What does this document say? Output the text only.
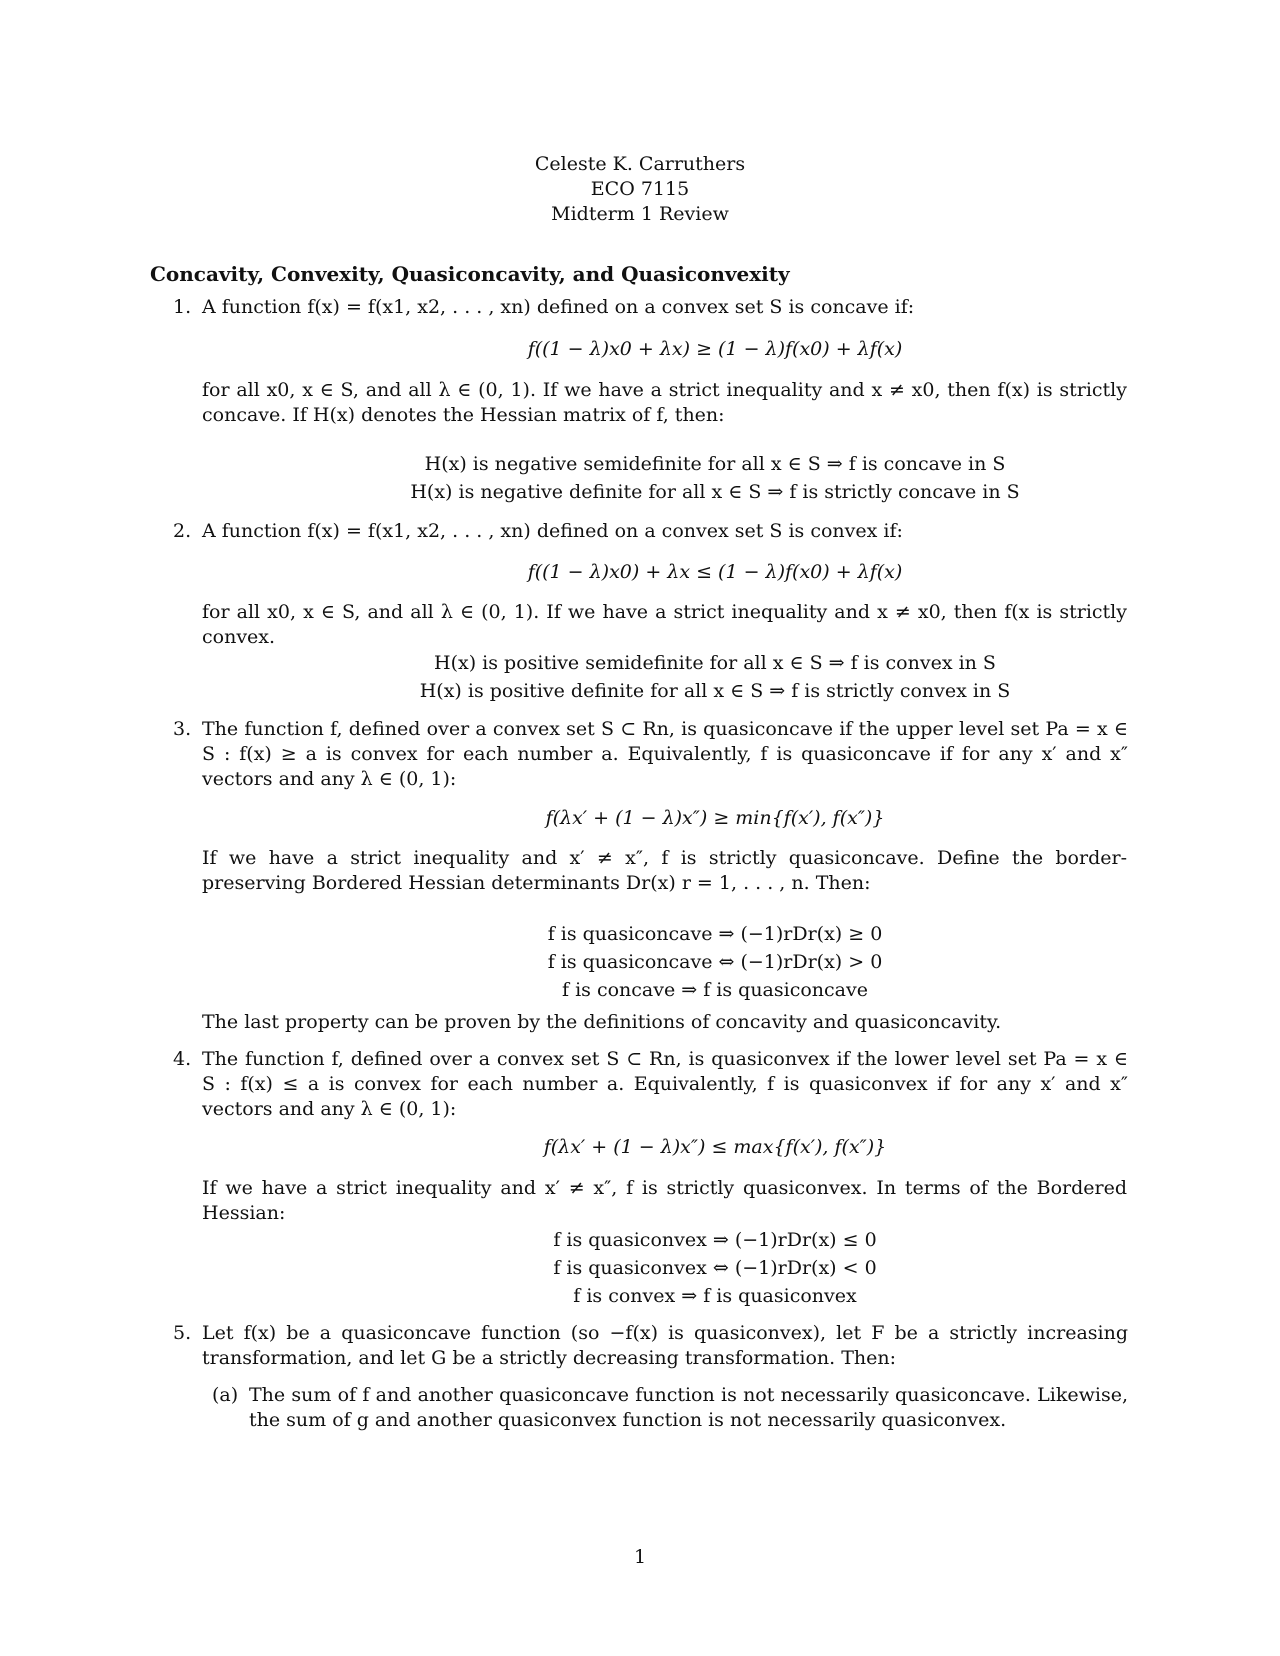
Celeste K. Carruthers
ECO 7115
Midterm 1 Review
Concavity, Convexity, Quasiconcavity, and Quasiconvexity
1. A function f(x) = f(x1, x2, . . . , xn) defined on a convex set S is concave if:
f((1 − λ)x0 + λx) ≥ (1 − λ)f(x0) + λf(x)
for all x0, x ∈ S, and all λ ∈ (0, 1). If we have a strict inequality and x ≠ x0, then f(x) is strictly concave. If H(x) denotes the Hessian matrix of f, then:
H(x) is negative semidefinite for all x ∈ S ⇒ f is concave in S
H(x) is negative definite for all x ∈ S ⇒ f is strictly concave in S
2. A function f(x) = f(x1, x2, . . . , xn) defined on a convex set S is convex if:
f((1 − λ)x0) + λx ≤ (1 − λ)f(x0) + λf(x)
for all x0, x ∈ S, and all λ ∈ (0, 1). If we have a strict inequality and x ≠ x0, then f(x is strictly convex.
H(x) is positive semidefinite for all x ∈ S ⇒ f is convex in S
H(x) is positive definite for all x ∈ S ⇒ f is strictly convex in S
3. The function f, defined over a convex set S ⊂ Rn, is quasiconcave if the upper level set Pa = x ∈ S : f(x) ≥ a is convex for each number a. Equivalently, f is quasiconcave if for any x′ and x″ vectors and any λ ∈ (0, 1):
f(λx′ + (1 − λ)x″) ≥ min{f(x′), f(x″)}
If we have a strict inequality and x′ ≠ x″, f is strictly quasiconcave. Define the border-preserving Bordered Hessian determinants Dr(x) r = 1, . . . , n. Then:
f is quasiconcave ⇒ (−1)rDr(x) ≥ 0
f is quasiconcave ⇔ (−1)rDr(x) > 0
f is concave ⇒ f is quasiconcave
The last property can be proven by the definitions of concavity and quasiconcavity.
4. The function f, defined over a convex set S ⊂ Rn, is quasiconvex if the lower level set Pa = x ∈ S : f(x) ≤ a is convex for each number a. Equivalently, f is quasiconvex if for any x′ and x″ vectors and any λ ∈ (0, 1):
f(λx′ + (1 − λ)x″) ≤ max{f(x′), f(x″)}
If we have a strict inequality and x′ ≠ x″, f is strictly quasiconvex. In terms of the Bordered Hessian:
f is quasiconvex ⇒ (−1)rDr(x) ≤ 0
f is quasiconvex ⇔ (−1)rDr(x) < 0
f is convex ⇒ f is quasiconvex
5. Let f(x) be a quasiconcave function (so −f(x) is quasiconvex), let F be a strictly increasing transformation, and let G be a strictly decreasing transformation. Then:
(a) The sum of f and another quasiconcave function is not necessarily quasiconcave. Likewise, the sum of g and another quasiconvex function is not necessarily quasiconvex.
1
